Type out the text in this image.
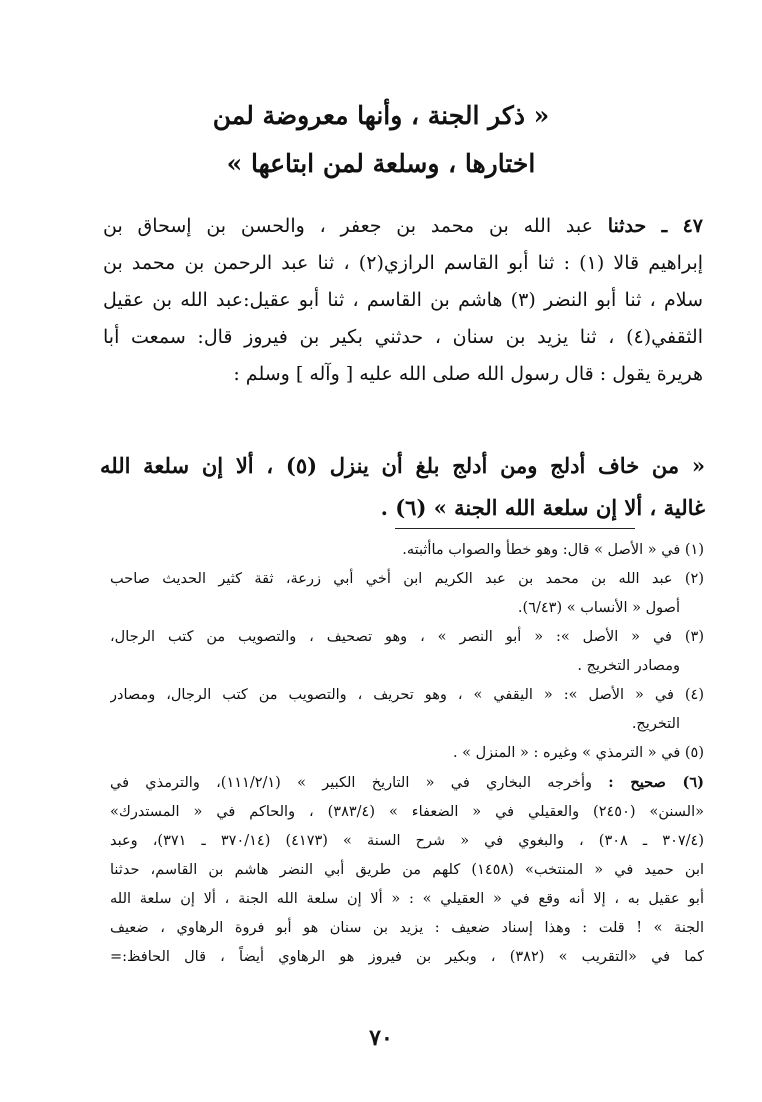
« ذكر الجنة ، وأنها معروضة لمن
اختارها ، وسلعة لمن ابتاعها »
٤٧ ـ حدثنا عبد الله بن محمد بن جعفر ، والحسن بن إسحاق بن
إبراهيم قالا (١) : ثنا أبو القاسم الرازي(٢) ، ثنا عبد الرحمن بن محمد بن
سلام ، ثنا أبو النضر (٣) هاشم بن القاسم ، ثنا أبو عقيل:عبد الله بن عقيل
الثقفي(٤) ، ثنا يزيد بن سنان ، حدثني بكير بن فيروز قال: سمعت أبا
هريرة يقول : قال رسول الله صلى الله عليه [ وآله ] وسلم :
« من خاف أدلج ومن أدلج بلغ أن ينزل (٥) ، ألا إن سلعة الله
غالية ، ألا إن سلعة الله الجنة » (٦) .
(١) في « الأصل » قال: وهو خطأ والصواب ماأثبته.
(٢) عبد الله بن محمد بن عبد الكريم ابن أخي أبي زرعة، ثقة كثير الحديث صاحب
أصول « الأنساب » (٦/٤٣).
(٣) في « الأصل »: « أبو النصر » ، وهو تصحيف ، والتصويب من كتب الرجال،
ومصادر التخريج .
(٤) في « الأصل »: « اليقفي » ، وهو تحريف ، والتصويب من كتب الرجال، ومصادر
التخريج.
(٥) في « الترمذي » وغيره : « المنزل » .
(٦) صحيح : وأخرجه البخاري في « التاريخ الكبير » (١١١/٢/١)، والترمذي في
«السنن» (٢٤٥٠) والعقيلي في « الضعفاء » (٣٨٣/٤) ، والحاكم في « المستدرك»
(٣٠٧/٤ ـ ٣٠٨) ، والبغوي في « شرح السنة » (٤١٧٣) (٣٧٠/١٤ ـ ٣٧١)، وعبد
ابن حميد في « المنتخب» (١٤٥٨) كلهم من طريق أبي النضر هاشم بن القاسم، حدثنا
أبو عقيل به ، إلا أنه وقع في « العقيلي » : « ألا إن سلعة الله الجنة ، ألا إن سلعة الله
الجنة » ! قلت : وهذا إسناد ضعيف : يزيد بن سنان هو أبو فروة الرهاوي ، ضعيف
كما في «التقريب » (٣٨٢) ، وبكير بن فيروز هو الرهاوي أيضاً ، قال الحافظ:=
٧٠
